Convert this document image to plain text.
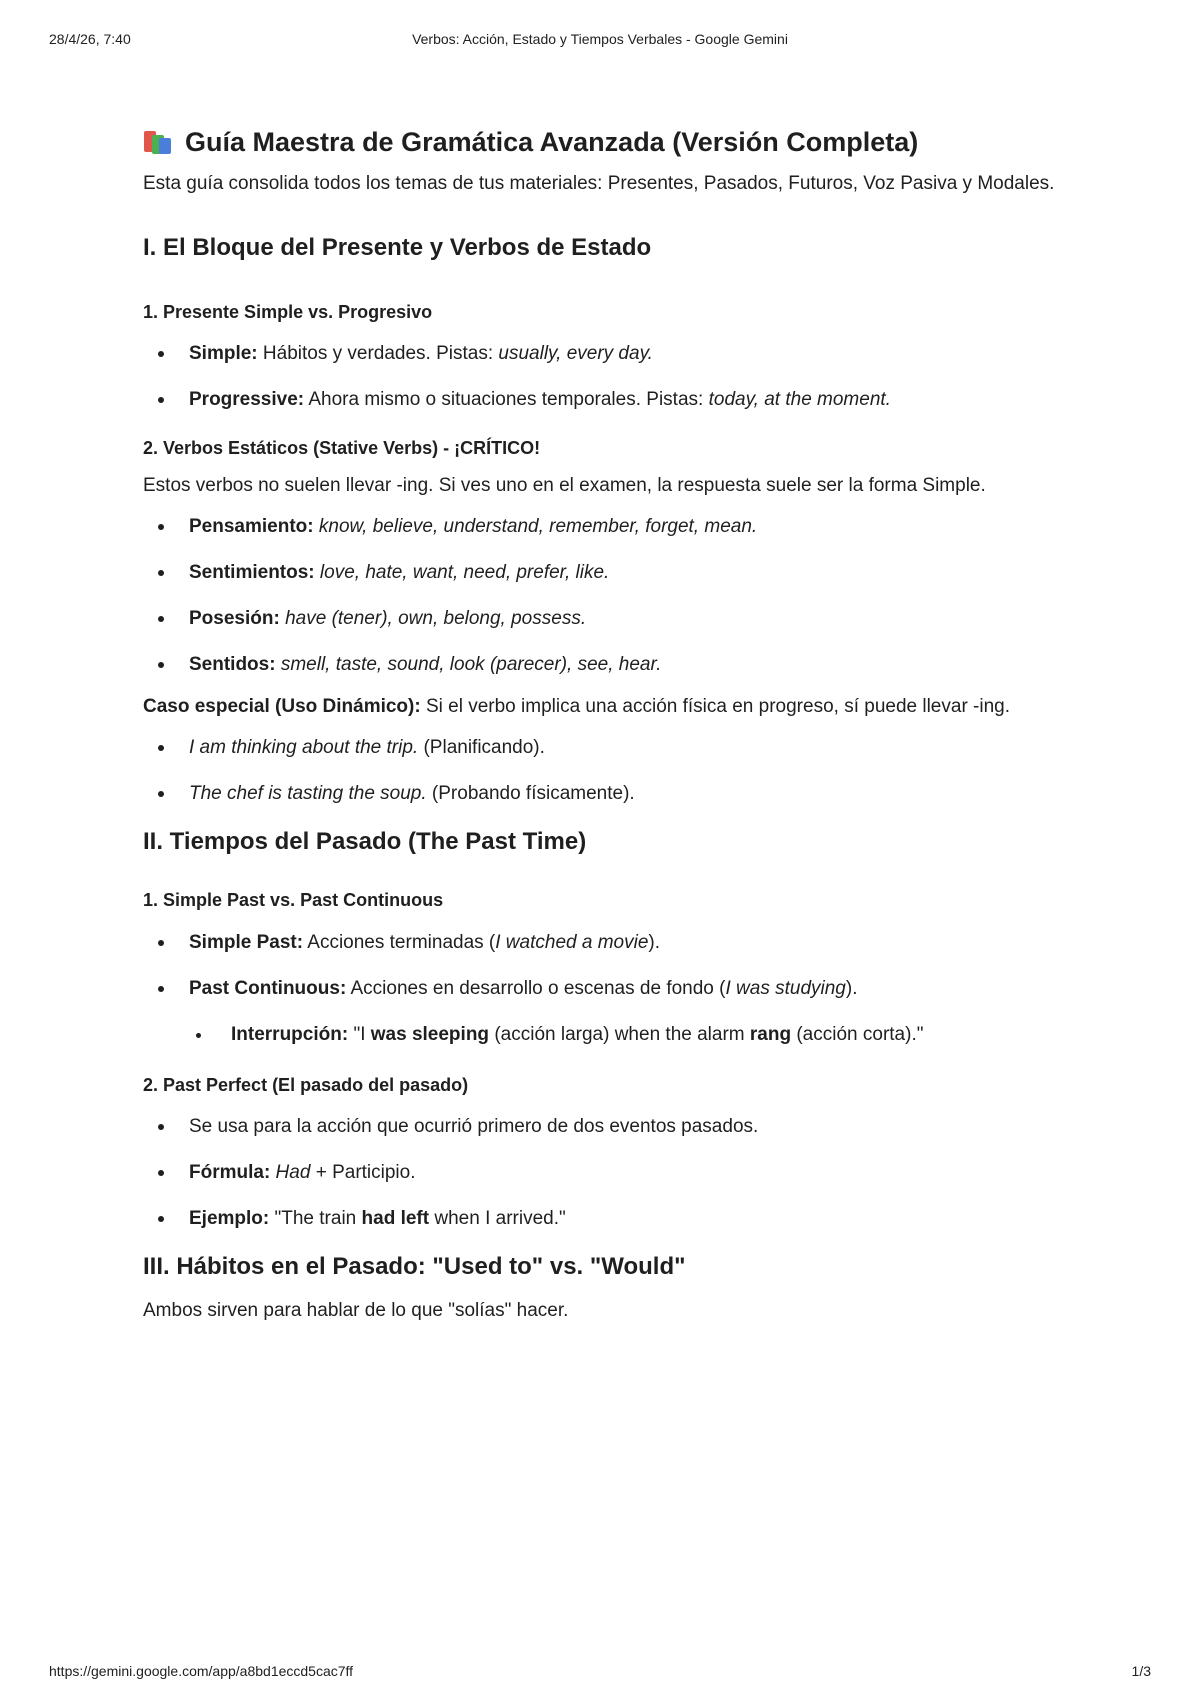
28/4/26, 7:40	Verbos: Acción, Estado y Tiempos Verbales - Google Gemini
Guía Maestra de Gramática Avanzada (Versión Completa)

Esta guía consolida todos los temas de tus materiales: Presentes, Pasados, Futuros, Voz Pasiva y Modales.

I. El Bloque del Presente y Verbos de Estado
1. Presente Simple vs. Progresivo
Simple: Hábitos y verdades. Pistas: usually, every day.
Progressive: Ahora mismo o situaciones temporales. Pistas: today, at the moment.
2. Verbos Estáticos (Stative Verbs) - ¡CRÍTICO!

Estos verbos no suelen llevar -ing. Si ves uno en el examen, la respuesta suele ser la forma Simple.

Pensamiento: know, believe, understand, remember, forget, mean.
Sentimientos: love, hate, want, need, prefer, like.
Posesión: have (tener), own, belong, possess.
Sentidos: smell, taste, sound, look (parecer), see, hear.

Caso especial (Uso Dinámico): Si el verbo implica una acción física en progreso, sí puede llevar -ing.

I am thinking about the trip. (Planificando).
The chef is tasting the soup. (Probando físicamente).
II. Tiempos del Pasado (The Past Time)
1. Simple Past vs. Past Continuous
Simple Past: Acciones terminadas (I watched a movie).
Past Continuous: Acciones en desarrollo o escenas de fondo (I was studying).
Interrupción: "I was sleeping (acción larga) when the alarm rang (acción corta)."
2. Past Perfect (El pasado del pasado)
Se usa para la acción que ocurrió primero de dos eventos pasados.
Fórmula: Had + Participio.
Ejemplo: "The train had left when I arrived."
III. Hábitos en el Pasado: "Used to" vs. "Would"

Ambos sirven para hablar de lo que "solías" hacer.

https://gemini.google.com/app/a8bd1eccd5cac7ff	1/3
